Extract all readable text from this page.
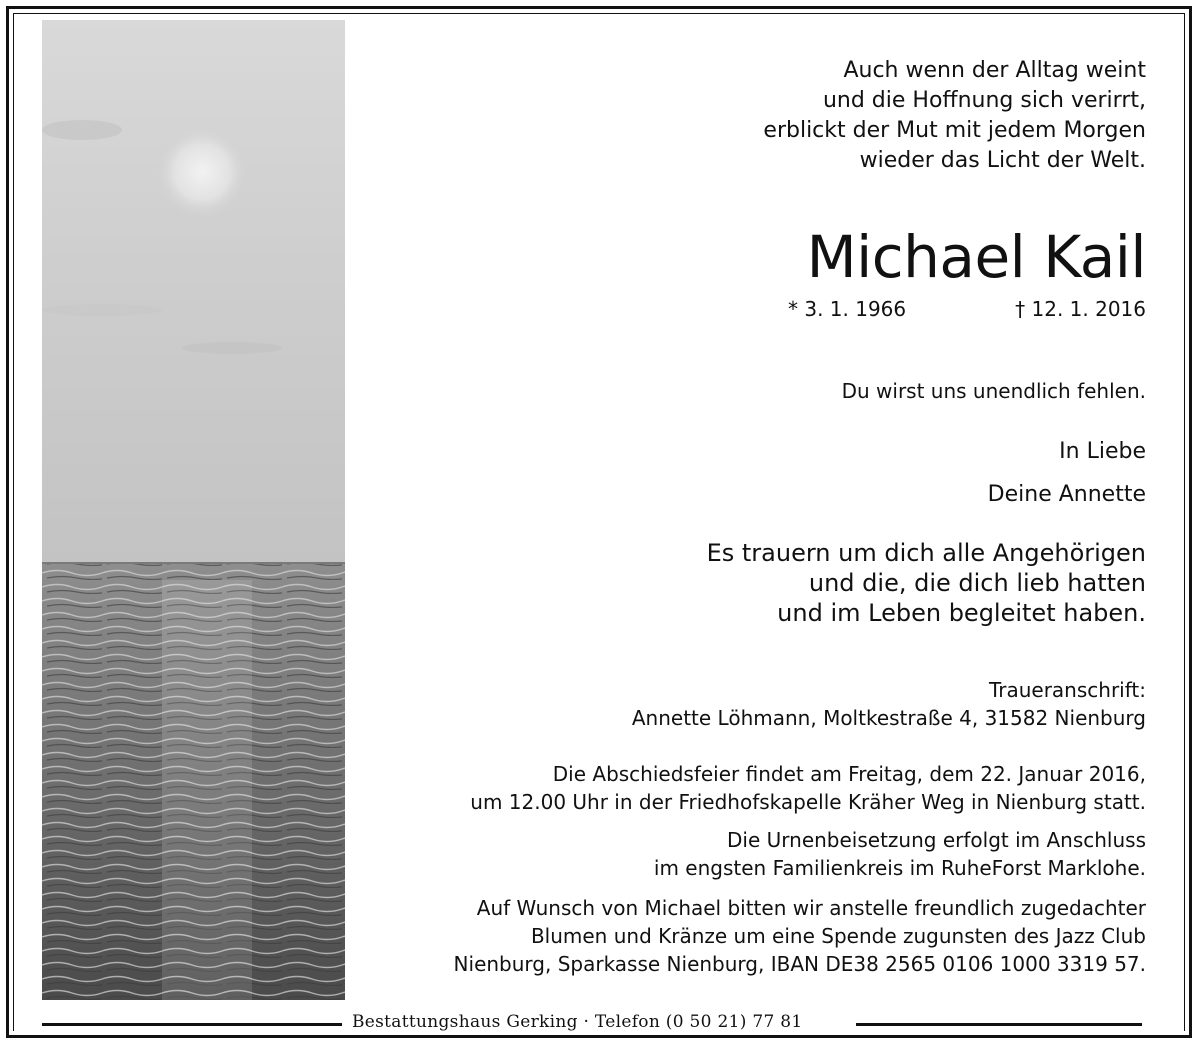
Auch wenn der Alltag weint
und die Hoffnung sich verirrt,
erblickt der Mut mit jedem Morgen
wieder das Licht der Welt.
Michael Kail
* 3. 1. 1966	† 12. 1. 2016
Du wirst uns unendlich fehlen.
In Liebe
Deine Annette
Es trauern um dich alle Angehörigen
und die, die dich lieb hatten
und im Leben begleitet haben.
Traueranschrift:
Annette Löhmann, Moltkestraße 4, 31582 Nienburg
Die Abschiedsfeier findet am Freitag, dem 22. Januar 2016,
um 12.00 Uhr in der Friedhofskapelle Kräher Weg in Nienburg statt.
Die Urnenbeisetzung erfolgt im Anschluss
im engsten Familienkreis im RuheForst Marklohe.
Auf Wunsch von Michael bitten wir anstelle freundlich zugedachter
Blumen und Kränze um eine Spende zugunsten des Jazz Club
Nienburg, Sparkasse Nienburg, IBAN DE38 2565 0106 1000 3319 57.
Bestattungshaus Gerking · Telefon (0 50 21) 77 81
